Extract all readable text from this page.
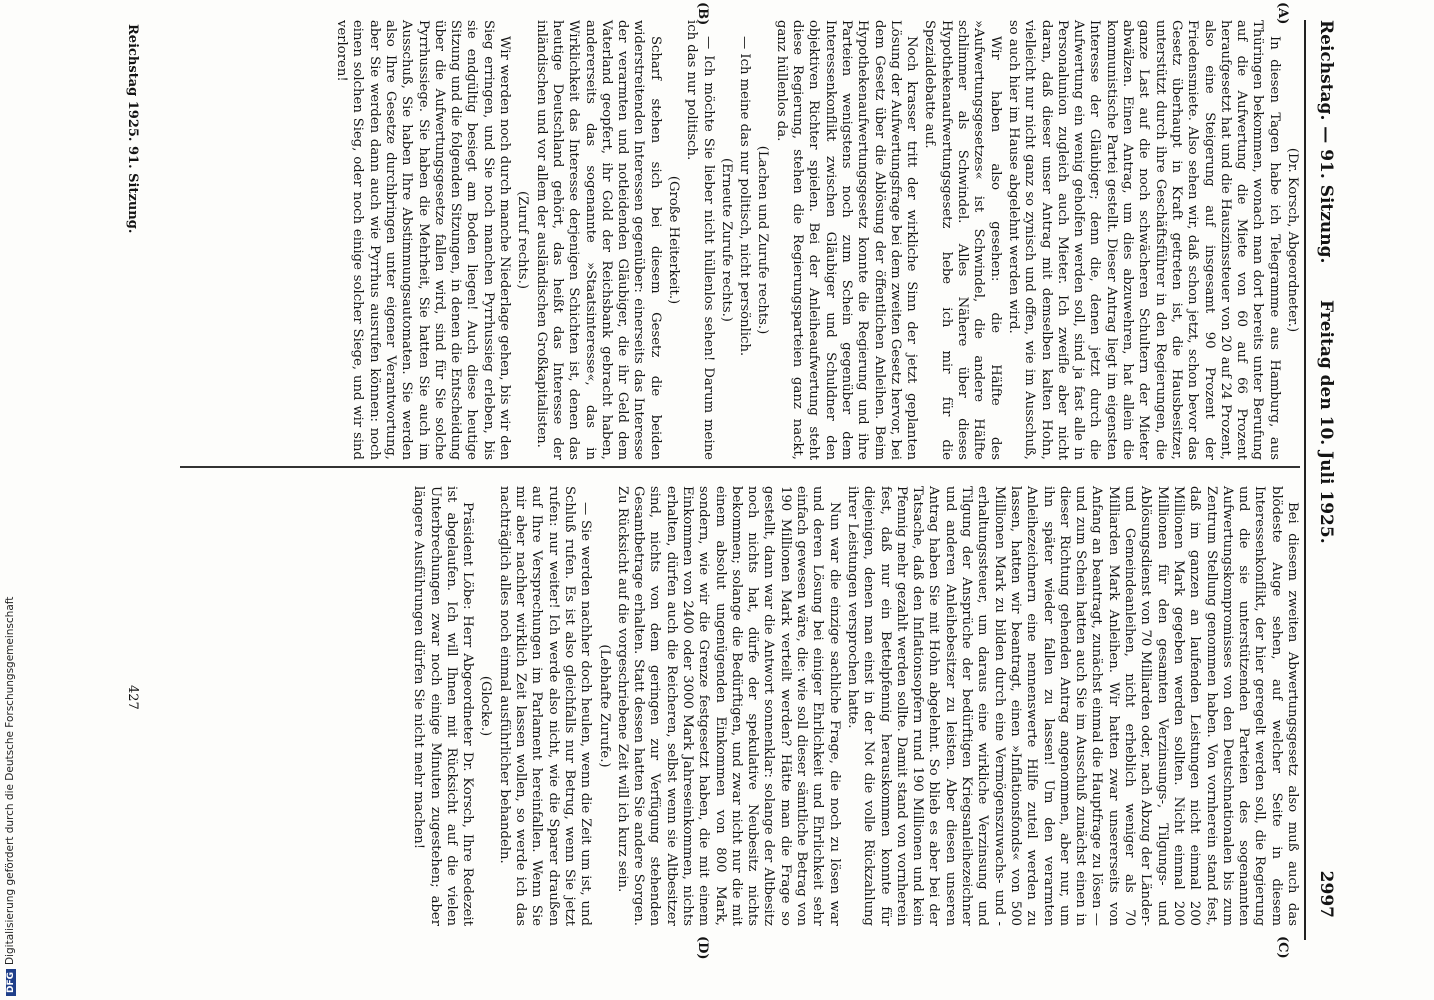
Reichstag. — 91. Sitzung.
Freitag den 10. Juli 1925.
2997
(A)
(B)
(C)
(D)

(Dr. Korsch, Abgeordneter.)

In diesen Tagen habe ich Telegramme aus Hamburg, aus Thüringen bekommen, wonach man dort bereits unter Berufung auf die Aufwertung die Miete von 60 auf 66 Prozent heraufgesetzt hat und die Hauszinssteuer von 20 auf 24 Prozent, also eine Steigerung auf insgesamt 90 Prozent der Friedensmiete. Also sehen wir, daß schon jetzt, schon bevor das Gesetz überhaupt in Kraft getreten ist, die Hausbesitzer, unterstützt durch ihre Geschäftsführer in den Regierungen, die ganze Last auf die noch schwächeren Schultern der Mieter abwälzen. Einen Antrag, um dies abzuwehren, hat allein die kommunistische Partei gestellt. Dieser Antrag liegt im eigensten Interesse der Gläubiger; denn die, denen jetzt durch die Aufwertung ein wenig geholfen werden soll, sind ja fast alle in Personalunion zugleich auch Mieter. Ich zweifle aber nicht daran, daß dieser unser Antrag mit demselben kalten Hohn, vielleicht nur nicht ganz so zynisch und offen, wie im Ausschuß, so auch hier im Hause abgelehnt werden wird.

Wir haben also gesehen: die Hälfte des »Aufwertungsgesetzes« ist Schwindel, die andere Hälfte schlimmer als Schwindel. Alles Nähere über dieses Hypothekenaufwertungsgesetz hebe ich mir für die Spezialdebatte auf.

Noch krasser tritt der wirkliche Sinn der jetzt geplanten Lösung der Aufwertungsfrage bei dem zweiten Gesetz hervor, bei dem Gesetz über die Ablösung der öffentlichen Anleihen. Beim Hypothekenaufwertungsgesetz konnte die Regierung und ihre Parteien wenigstens noch zum Schein gegenüber dem Interessenkonflikt zwischen Gläubiger und Schuldner den objektiven Richter spielen. Bei der Anleiheaufwertung steht diese Regierung, stehen die Regierungsparteien ganz nackt, ganz hüllenlos da.

(Lachen und Zurufe rechts.)

— Ich meine das nur politisch, nicht persönlich.

(Erneute Zurufe rechts.)

— Ich möchte Sie lieber nicht hüllenlos sehen! Darum meine ich das nur politisch.

(Große Heiterkeit.)

Scharf stehen sich bei diesem Gesetz die beiden widerstreitenden Interessen gegenüber: einerseits das Interesse der verarmten und notleidenden Gläubiger, die ihr Geld dem Vaterland geopfert, ihr Gold der Reichsbank gebracht haben, andererseits das sogenannte »Staatsinteresse«, das in Wirklichkeit das Interesse derjenigen Schichten ist, denen das heutige Deutschland gehört, das heißt das Interesse der inländischen und vor allem der ausländischen Großkapitalisten.

(Zuruf rechts.)

Wir werden noch durch manche Niederlage gehen, bis wir den Sieg erringen, und Sie noch manchen Pyrrhussieg erleben, bis sie endgültig besiegt am Boden liegen! Auch diese heutige Sitzung und die folgenden Sitzungen, in denen die Entscheidung über die Aufwertungsgesetze fallen wird, sind für Sie solche Pyrrhussiege. Sie haben die Mehrheit, Sie hatten Sie auch im Ausschuß, Sie haben Ihre Abstimmungsautomaten. Sie werden also Ihre Gesetze durchbringen unter eigener Verantwortung, aber Sie werden dann auch wie Pyrrhus ausrufen können: noch einen solchen Sieg, oder noch einige solcher Siege, und wir sind verloren!

Bei diesem zweiten Abwertungsgesetz also muß auch das blödeste Auge sehen, auf welcher Seite in diesem Interessenkonflikt, der hier geregelt werden soll, die Regierung und die sie unterstützenden Parteien des sogenannten Aufwertungskompromisses von den Deutschnationalen bis zum Zentrum Stellung genommen haben. Von vornherein stand fest, daß im ganzen an laufenden Leistungen nicht einmal 200 Millionen Mark gegeben werden sollten. Nicht einmal 200 Millionen für den gesamten Verzinsungs-, Tilgungs- und Ablösungsdienst von 70 Milliarden oder, nach Abzug der Länder- und Gemeindeanleihen, nicht erheblich weniger als 70 Milliarden Mark Anleihen. Wir hatten zwar unsererseits von Anfang an beantragt, zunächst einmal die Hauptfrage zu lösen — und zum Schein hatten auch Sie im Ausschuß zunächst einen in dieser Richtung gehenden Antrag angenommen, aber nur, um ihn später wieder fallen zu lassen! Um den verarmten Anleihezeichnern eine nennenswerte Hilfe zuteil werden zu lassen, hatten wir beantragt, einen »Inflationsfonds« von 500 Millionen Mark zu bilden durch eine Vermögenszuwachs- und -erhaltungssteuer, um daraus eine wirkliche Verzinsung und Tilgung der Ansprüche der bedürftigen Kriegsanleihezeichner und anderen Anleihebesitzer zu leisten. Aber diesen unseren Antrag haben Sie mit Hohn abgelehnt. So blieb es aber bei der Tatsache, daß den Inflationsopfern rund 190 Millionen und kein Pfennig mehr gezahlt werden sollte. Damit stand von vornherein fest, daß nur ein Bettelpfennig herauskommen konnte für diejenigen, denen man einst in der Not die volle Rückzahlung ihrer Leistungen versprochen hatte.

Nun war die einzige sachliche Frage, die noch zu lösen war und deren Lösung bei einiger Ehrlichkeit und Ehrlichkeit sehr einfach gewesen wäre, die: wie soll dieser sämtliche Betrag von 190 Millionen Mark verteilt werden? Hätte man die Frage so gestellt, dann war die Antwort sonnenklar: solange der Altbesitz noch nichts hat, dürfe der spekulative Neubesitz nichts bekommen; solange die Bedürftigen, und zwar nicht nur die mit einem absolut ungenügenden Einkommen von 800 Mark, sondern, wie wir die Grenze festgesetzt haben, die mit einem Einkommen von 2400 oder 3000 Mark Jahreseinkommen, nichts erhalten, dürfen auch die Reicheren, selbst wenn sie Altbesitzer sind, nichts von dem geringen zur Verfügung stehenden Gesamtbetrage erhalten. Statt dessen hatten Sie andere Sorgen. Zu Rücksicht auf die vorgeschriebene Zeit will ich kurz sein.

(Lebhafte Zurufe.)

— Sie werden nachher doch heulen, wenn die Zeit um ist, und Schluß rufen. Es ist also gleichfalls nur Betrug, wenn Sie jetzt rufen: nur weiter! Ich werde also nicht, wie die Sparer draußen auf Ihre Versprechungen im Parlament hereinfallen. Wenn Sie mir aber nachher wirklich Zeit lassen wollen, so werde ich das nachträglich alles noch einmal ausführlicher behandeln.

(Glocke.)

Präsident Löbe: Herr Abgeordneter Dr. Korsch, Ihre Redezeit ist abgelaufen. Ich will Ihnen mit Rücksicht auf die vielen Unterbrechungen zwar noch einige Minuten zugestehen; aber längere Ausführungen dürfen Sie nicht mehr machen!

Reichstag 1925. 91. Sitzung.
427
DFGDigitalisierung gefördert durch die Deutsche Forschungsgemeinschaft
